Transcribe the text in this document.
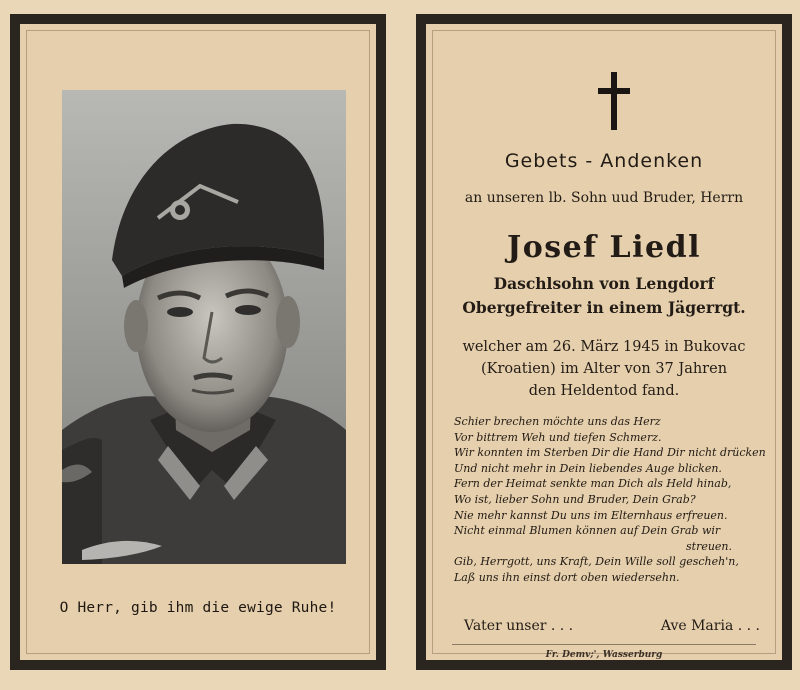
O Herr, gib ihm die ewige Ruhe!
Gebets - Andenken
an unseren lb. Sohn uud Bruder, Herrn
Josef Liedl
Daschlsohn von Lengdorf
Obergefreiter in einem Jägerrgt.
welcher am 26. März 1945 in Bukovac
(Kroatien) im Alter von 37 Jahren
den Heldentod fand.
Schier brechen möchte uns das Herz
Vor bittrem Weh und tiefen Schmerz.
Wir konnten im Sterben Dir die Hand Dir nicht drücken
Und nicht mehr in Dein liebendes Auge blicken.
Fern der Heimat senkte man Dich als Held hinab,
Wo ist, lieber Sohn und Bruder, Dein Grab?
Nie mehr kannst Du uns im Elternhaus erfreuen.
Nicht einmal Blumen können auf Dein Grab wir
streuen.
Gib, Herrgott, uns Kraft, Dein Wille soll gescheh'n,
Laß uns ihn einst dort oben wiedersehn.
Vater unser . . .	Ave Maria . . .
Fr. Demv;', Wasserburg
